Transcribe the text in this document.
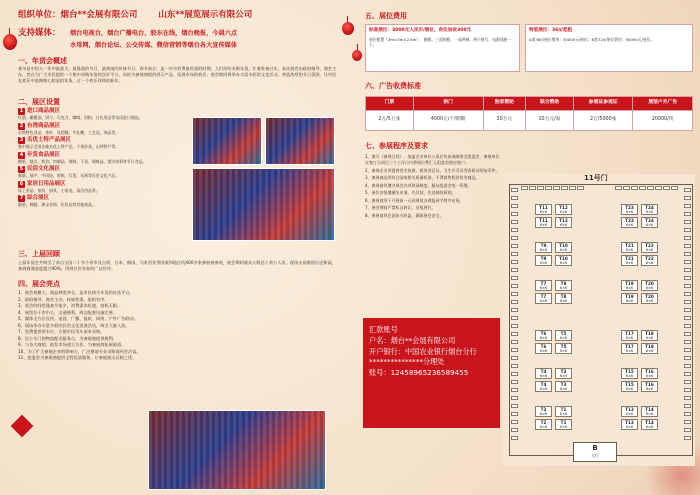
组织单位：烟台**会展有限公司 山东**展览展示有限公司
支持媒体： 烟台电视台，烟台广播电台，胶东在线，烟台晚报，今晨六点
水母网，烟台论坛、公交传媒、微信营销等烟台各大宣传媒体
一、年货会概述
春节是中国人一年中最重大、最隆重的节日，最热闹的传统节日。春节前夕，是一年中消费最旺盛的时期，人们纷纷采购年货，忙着准备过年。本次展会由政府指导，商会主办，旨在为广大市民提供一个集中采购年货的良好平台，同时为参展商提供展示产品、拓展市场的机会。展会期间将举办丰富多彩的文化活动，营造浓厚的节日氛围，让市民在欢乐中选购称心如意的年货，过一个欢乐祥和的新年。
二、展区设置
1 进口商品展区
红酒、橄榄油、饼干、巧克力、咖啡、奶粉、日化用品等各国进口商品。
2 台湾商品展区
台湾特色食品、茶叶、凤梨酥、牛轧糖、工艺品、饰品等。
3 名优土特产品展区
集中展示全国各地名优土特产品，干果炒货、山珍特产等。
4 年货食品展区
糖果、糕点、熟食、肉制品、海鲜、干货、调味品、酒水饮料等节日食品。
5 民俗文化展区
春联、福字、中国结、剪纸、灯笼、年画等民俗文化产品。
6 家居日用品展区
床上用品、家纺、厨具、小家电、清洁用品等。
7 综合展区
服装、鞋帽、珠宝首饰、化妆品等其他商品。
三、上届回顾
上届年货会共吸引了来自全国二十多个省市及台湾、日本、韩国、马来西亚等国家和地区的400多家参展商参展，展会期间观众人数达十余万人次，现场交易额创历史新高，参展商满意度超过90%，得到社会各界的广泛好评。
四、展会亮点
1、展会规模大、商品种类齐全，是市民购买年货的首选平台。
2、政府指导、商会主办，权威性强，组织有序。
3、展会时间恰逢春节前夕，消费需求旺盛，商机无限。
4、展馆位于市中心，交通便利，周边配套设施完善。
5、媒体全方位宣传，电视、广播、报纸、网络、户外广告联动。
6、现场举办丰富多彩的民俗文化表演活动，吸引大量人流。
7、免费提供停车位，方便市民驾车前来采购。
8、设立专门的物流配送服务点，为参展商提供便利。
9、与各大商超、批发市场建立合作，为参展商拓展渠道。
10、为了扩大参展企业的影响力，广泛邀请专业采购商到会洽谈。
11、组委会为参展商提供全程优质服务，让参展商无后顾之忧。
五、展位费用
标准展位：3000元人民币/展位，角位加收300元
展位配置（3m×3m×2.5m）：楣板、三面围板、一桌两椅、两只射灯、电源插座一个。
特装展位：36㎡起租
A类36㎡展位费用：30000元/展位；B类72㎡展位费用：50000元/展位。
六、广告收费标准
门票	拱门	独家赞助	联合赞助	参展证参观证	展馆户外广告
2万/5万张	4000元/个/期期	30万元	10万元/家	2万/5000张	20000/块
七、参展程序及要求
1、填写《参展合同》，加盖企业单位公章后传真或邮寄至组委会，参展单位在签订合同后三个工作日内将展位费汇入组委会指定账户。
2、参展企业须提供营业执照、税务登记证、卫生许可证等资质证明复印件。
3、参展商品须符合国家相关质量标准，不得销售假冒伪劣商品。
4、参展商须遵守展会各项规章制度，服从组委会统一管理。
5、展位安排遵循先申请、先付款、先安排的原则。
6、参展商须于开展前一天到展馆办理报到手续并布展。
7、展会期间严禁私自转让、出租展位。
8、参展商须注意防火防盗，确保展会安全。
汇款账号
户名：烟台**会展有限公司
开户银行：中国农业银行烟台分行***************分理处
账号：12458965236589455
11号门
T11
6×6
T11
6×6
T9
6×6
T9
6×6
T7
6×6
T7
6×6
T6
6×6
T6
6×6
T4
6×6
T4
6×6
T2
6×6
T2
6×6
T12
6×6
T12
6×6
T10
6×6
T10
6×6
T8
6×6
T8
6×6
T5
6×6
T5
6×6
T3
6×6
T3
6×6
T1
6×6
T1
6×6
T23
6×6
T23
6×6
T21
6×6
T21
6×6
T19
6×6
T19
6×6
T17
6×6
T17
6×6
T15
6×6
T15
6×6
T13
6×6
T13
6×6
T24
6×6
T24
6×6
T22
6×6
T22
6×6
T20
6×6
T20
6×6
T18
6×6
T18
6×6
T16
6×6
T16
6×6
T14
6×6
T14
6×6
B
大厅
